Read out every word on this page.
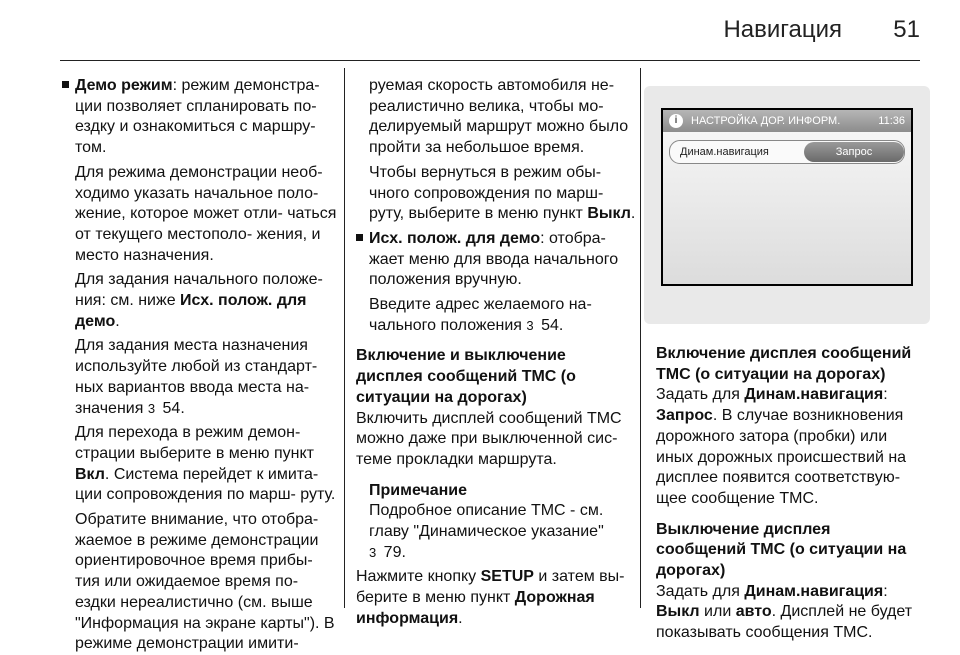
Навигация 51

Демо режим: режим демонстра- ции позволяет спланировать по- ездку и ознакомиться с маршру- том.

Для режима демонстрации необ- ходимо указать начальное поло- жение, которое может отли- чаться от текущего местополо- жения, и место назначения.

Для задания начального положе- ния: см. ниже Исх. полож. для демо.

Для задания места назначения используйте любой из стандарт- ных вариантов ввода места на- значения 3 54.

Для перехода в режим демон- страции выберите в меню пункт Вкл. Система перейдет к имита- ции сопровождения по марш- руту.

Обратите внимание, что отобра- жаемое в режиме демонстрации ориентировочное время прибы- тия или ожидаемое время по- ездки нереалистично (см. выше "Информация на экране карты"). В режиме демонстрации имити-

руемая скорость автомобиля не- реалистично велика, чтобы мо- делируемый маршрут можно было пройти за небольшое время.

Чтобы вернуться в режим обы- чного сопровождения по марш- руту, выберите в меню пункт Выкл.

Исх. полож. для демо: отобра- жает меню для ввода начального положения вручную.

Введите адрес желаемого на- чального положения 3 54.

Включение и выключение дисплея сообщений TMC (о ситуации на дорогах)

Включить дисплей сообщений TMC можно даже при выключенной сис- теме прокладки маршрута.

Примечание

Подробное описание TMC - см. главу "Динамическое указание"
3 79.

Нажмите кнопку SETUP и затем вы- берите в меню пункт Дорожная информация.

i	НАСТРОЙКА ДОР. ИНФОРМ.	11:36
Динам.навигация	Запрос

Включение дисплея сообщений TMC (о ситуации на дорогах)

Задать для Динам.навигация:
Запрос. В случае возникновения дорожного затора (пробки) или иных дорожных происшествий на дисплее появится соответствую- щее сообщение TMC.

Выключение дисплея сообщений TMC (о ситуации на дорогах)

Задать для Динам.навигация:
Выкл или авто. Дисплей не будет показывать сообщения TMC.
